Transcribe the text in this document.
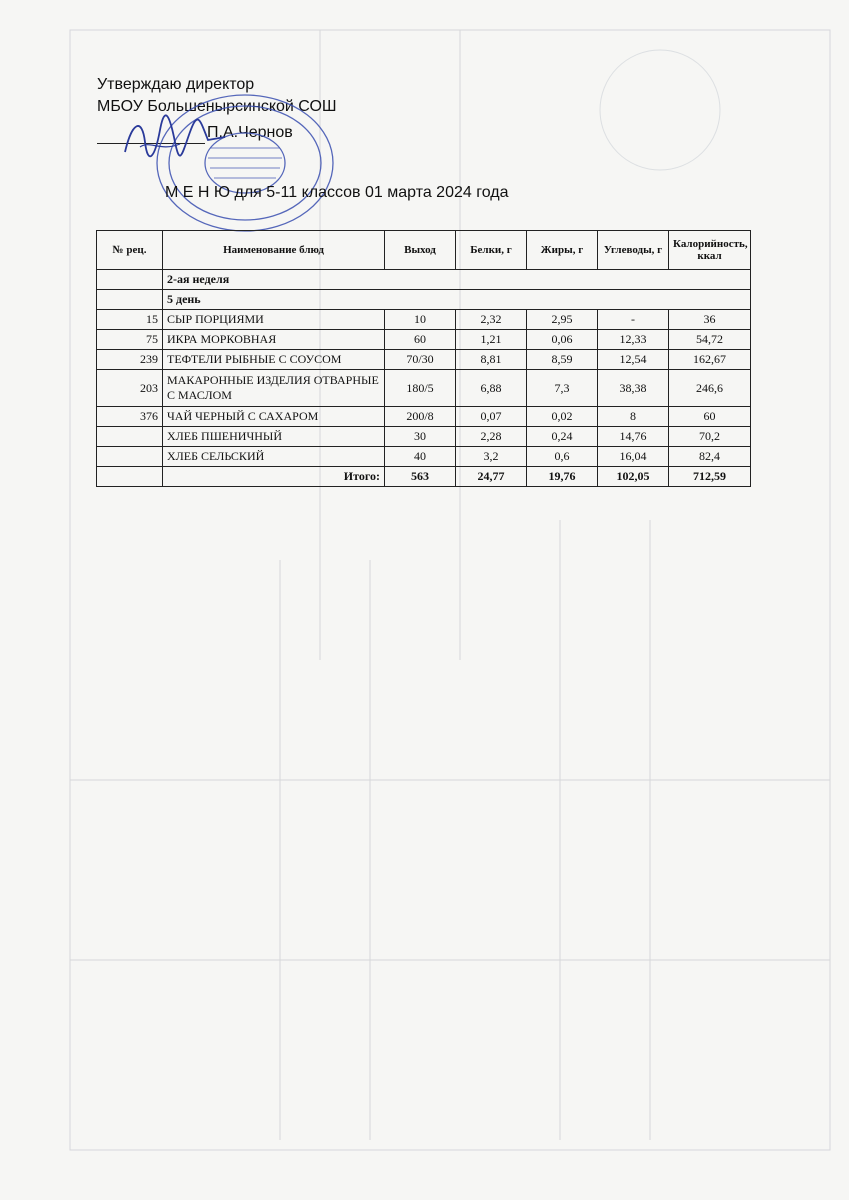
Утверждаю директор
МБОУ Большенырсинской СОШ
П.А.Чернов
М Е Н Ю для 5-11 классов 01 марта 2024 года
№ рец.	Наименование блюд	Выход	Белки, г	Жиры, г	Углеводы, г	Калорийность, ккал
	2-ая неделя					
	5 день					
15	СЫР ПОРЦИЯМИ	10	2,32	2,95	-	36
75	ИКРА МОРКОВНАЯ	60	1,21	0,06	12,33	54,72
239	ТЕФТЕЛИ РЫБНЫЕ С СОУСОМ	70/30	8,81	8,59	12,54	162,67
203	МАКАРОННЫЕ ИЗДЕЛИЯ ОТВАРНЫЕ С МАСЛОМ	180/5	6,88	7,3	38,38	246,6
376	ЧАЙ ЧЕРНЫЙ С САХАРОМ	200/8	0,07	0,02	8	60
	ХЛЕБ ПШЕНИЧНЫЙ	30	2,28	0,24	14,76	70,2
	ХЛЕБ СЕЛЬСКИЙ	40	3,2	0,6	16,04	82,4
	Итого:	563	24,77	19,76	102,05	712,59
